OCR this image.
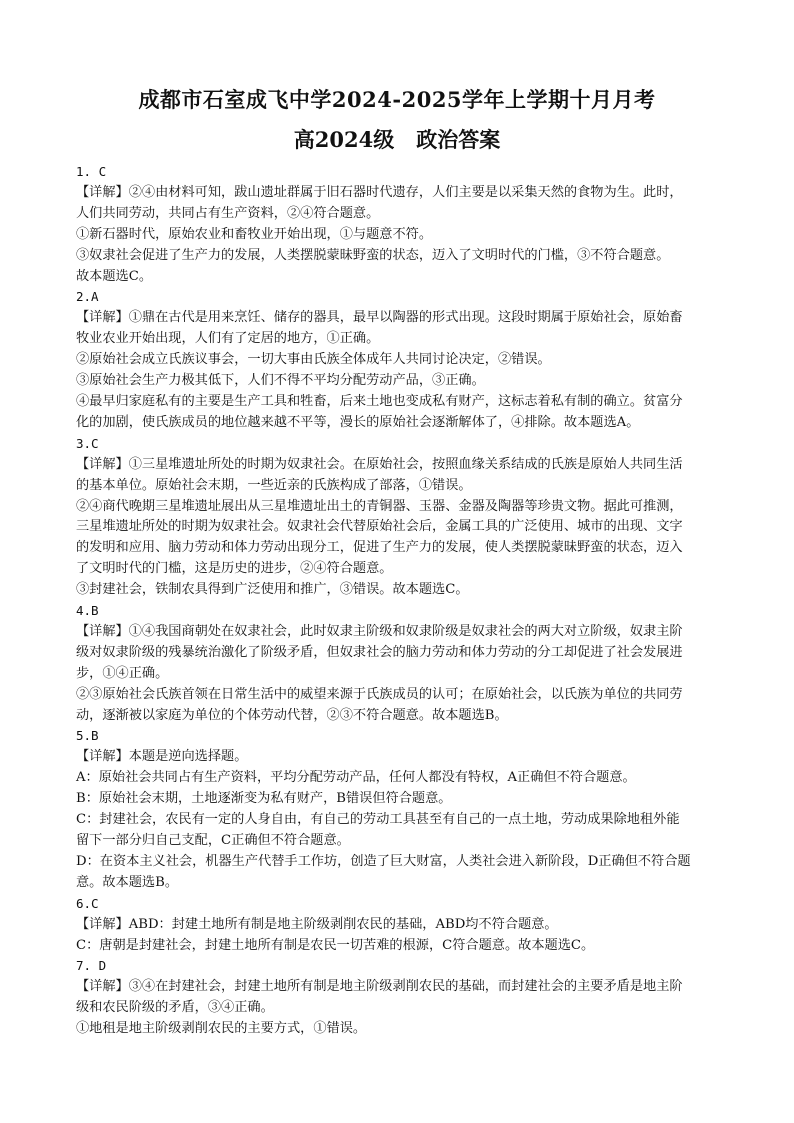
成都市石室成飞中学2024-2025学年上学期十月月考
高2024级 政治答案

1. C

【详解】②④由材料可知，跋山遗址群属于旧石器时代遗存，人们主要是以采集天然的食物为生。此时，

人们共同劳动，共同占有生产资料，②④符合题意。

①新石器时代，原始农业和畜牧业开始出现，①与题意不符。

③奴隶社会促进了生产力的发展，人类摆脱蒙昧野蛮的状态，迈入了文明时代的门槛，③不符合题意。

故本题选C。

2.A

【详解】①鼎在古代是用来烹饪、储存的器具，最早以陶器的形式出现。这段时期属于原始社会，原始畜

牧业农业开始出现，人们有了定居的地方，①正确。

②原始社会成立氏族议事会，一切大事由氏族全体成年人共同讨论决定，②错误。

③原始社会生产力极其低下，人们不得不平均分配劳动产品，③正确。

④最早归家庭私有的主要是生产工具和牲畜，后来土地也变成私有财产，这标志着私有制的确立。贫富分

化的加剧，使氏族成员的地位越来越不平等，漫长的原始社会逐渐解体了，④排除。故本题选A。

3.C

【详解】①三星堆遗址所处的时期为奴隶社会。在原始社会，按照血缘关系结成的氏族是原始人共同生活

的基本单位。原始社会末期，一些近亲的氏族构成了部落，①错误。

②④商代晚期三星堆遗址展出从三星堆遗址出土的青铜器、玉器、金器及陶器等珍贵文物。据此可推测，

三星堆遗址所处的时期为奴隶社会。奴隶社会代替原始社会后，金属工具的广泛使用、城市的出现、文字

的发明和应用、脑力劳动和体力劳动出现分工，促进了生产力的发展，使人类摆脱蒙昧野蛮的状态，迈入

了文明时代的门槛，这是历史的进步，②④符合题意。

③封建社会，铁制农具得到广泛使用和推广，③错误。故本题选C。

4.B

【详解】①④我国商朝处在奴隶社会，此时奴隶主阶级和奴隶阶级是奴隶社会的两大对立阶级，奴隶主阶

级对奴隶阶级的残暴统治激化了阶级矛盾，但奴隶社会的脑力劳动和体力劳动的分工却促进了社会发展进

步，①④正确。

②③原始社会氏族首领在日常生活中的威望来源于氏族成员的认可；在原始社会，以氏族为单位的共同劳

动，逐渐被以家庭为单位的个体劳动代替，②③不符合题意。故本题选B。

5.B

【详解】本题是逆向选择题。

A：原始社会共同占有生产资料，平均分配劳动产品，任何人都没有特权，A正确但不符合题意。

B：原始社会末期，土地逐渐变为私有财产，B错误但符合题意。

C：封建社会，农民有一定的人身自由，有自己的劳动工具甚至有自己的一点土地，劳动成果除地租外能

留下一部分归自己支配，C正确但不符合题意。

D：在资本主义社会，机器生产代替手工作坊，创造了巨大财富，人类社会进入新阶段，D正确但不符合题

意。故本题选B。

6.C

【详解】ABD：封建土地所有制是地主阶级剥削农民的基础，ABD均不符合题意。

C：唐朝是封建社会，封建土地所有制是农民一切苦难的根源，C符合题意。故本题选C。

7. D

【详解】③④在封建社会，封建土地所有制是地主阶级剥削农民的基础，而封建社会的主要矛盾是地主阶

级和农民阶级的矛盾，③④正确。

①地租是地主阶级剥削农民的主要方式，①错误。
